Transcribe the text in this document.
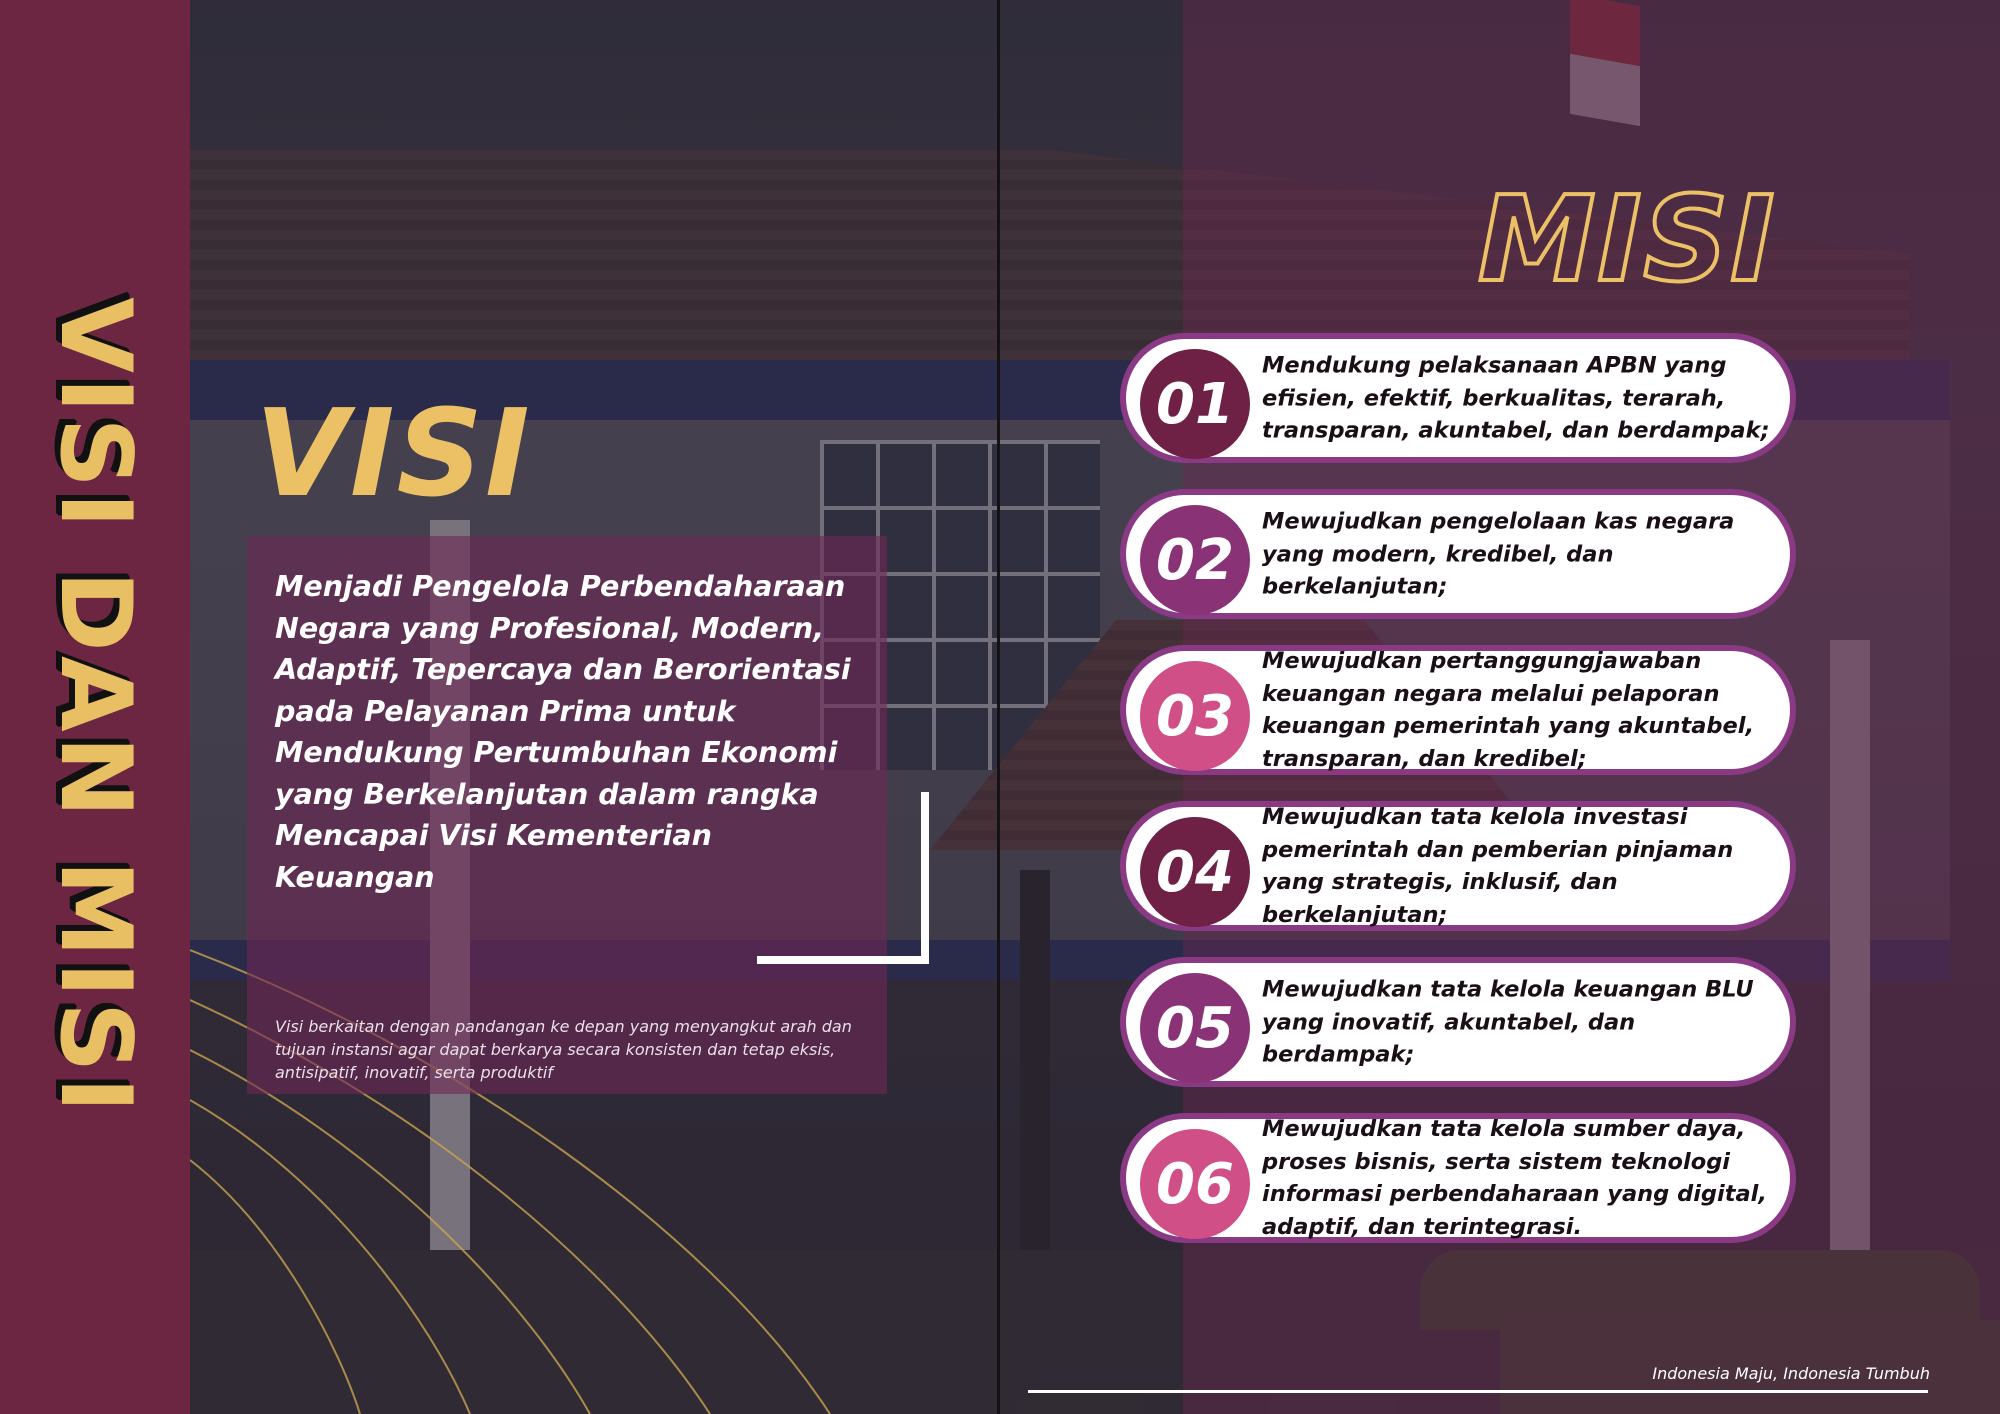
VISI DAN MISI VISI
Menjadi Pengelola Perbendaharaan Negara yang Profesional, Modern, Adaptif, Tepercaya dan Berorientasi pada Pelayanan Prima untuk Mendukung Pertumbuhan Ekonomi yang Berkelanjutan dalam rangka Mencapai Visi Kementerian Keuangan
Visi berkaitan dengan pandangan ke depan yang menyangkut arah dan tujuan instansi agar dapat berkarya secara konsisten dan tetap eksis, antisipatif, inovatif, serta produktif
MISI
01
Mendukung pelaksanaan APBN yang efisien, efektif, berkualitas, terarah, transparan, akuntabel, dan berdampak;
02
Mewujudkan pengelolaan kas negara yang modern, kredibel, dan berkelanjutan;
03
Mewujudkan pertanggungjawaban keuangan negara melalui pelaporan keuangan pemerintah yang akuntabel, transparan, dan kredibel;
04
Mewujudkan tata kelola investasi pemerintah dan pemberian pinjaman yang strategis, inklusif, dan berkelanjutan;
05
Mewujudkan tata kelola keuangan BLU yang inovatif, akuntabel, dan berdampak;
06
Mewujudkan tata kelola sumber daya, proses bisnis, serta sistem teknologi informasi perbendaharaan yang digital, adaptif, dan terintegrasi.
Indonesia Maju, Indonesia Tumbuh
